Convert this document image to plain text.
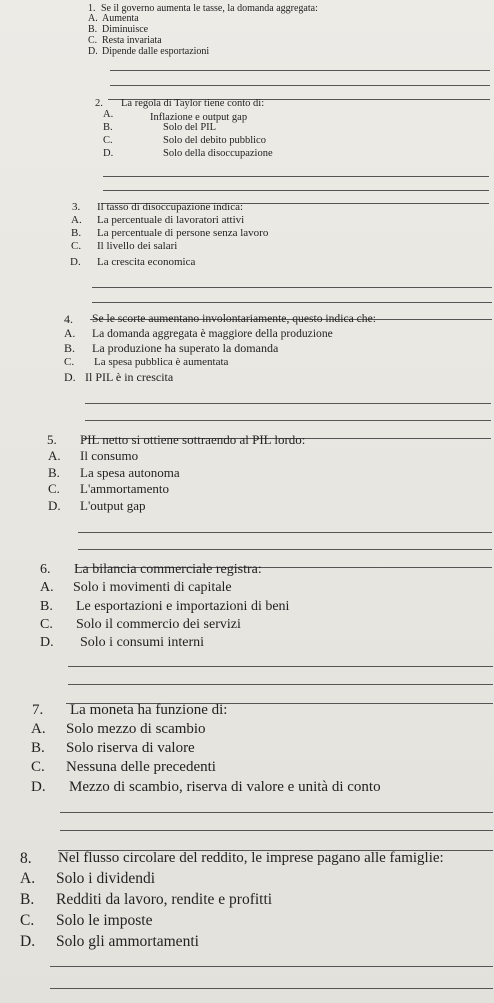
1. Se il governo aumenta le tasse, la domanda aggregata:
A. Aumenta
B. Diminuisce
C. Resta invariata
D. Dipende dalle esportazioni
2. La regola di Taylor tiene conto di:
A.	Inflazione e output gap
B.	Solo del PIL
C.	Solo del debito pubblico
D.	Solo della disoccupazione
3. Il tasso di disoccupazione indica:
A. La percentuale di lavoratori attivi
B. La percentuale di persone senza lavoro
C. Il livello dei salari
D. La crescita economica
4. Se le scorte aumentano involontariamente, questo indica che:
A. La domanda aggregata è maggiore della produzione
B. La produzione ha superato la domanda
C. La spesa pubblica è aumentata
D. Il PIL è in crescita
5. PIL netto si ottiene sottraendo al PIL lordo:
A. Il consumo
B. La spesa autonoma
C. L'ammortamento
D. L'output gap
6. La bilancia commerciale registra:
A. Solo i movimenti di capitale
B. Le esportazioni e importazioni di beni
C. Solo il commercio dei servizi
D. Solo i consumi interni
7. La moneta ha funzione di:
A. Solo mezzo di scambio
B. Solo riserva di valore
C. Nessuna delle precedenti
D. Mezzo di scambio, riserva di valore e unità di conto
8. Nel flusso circolare del reddito, le imprese pagano alle famiglie:
A. Solo i dividendi
B. Redditi da lavoro, rendite e profitti
C. Solo le imposte
D. Solo gli ammortamenti
